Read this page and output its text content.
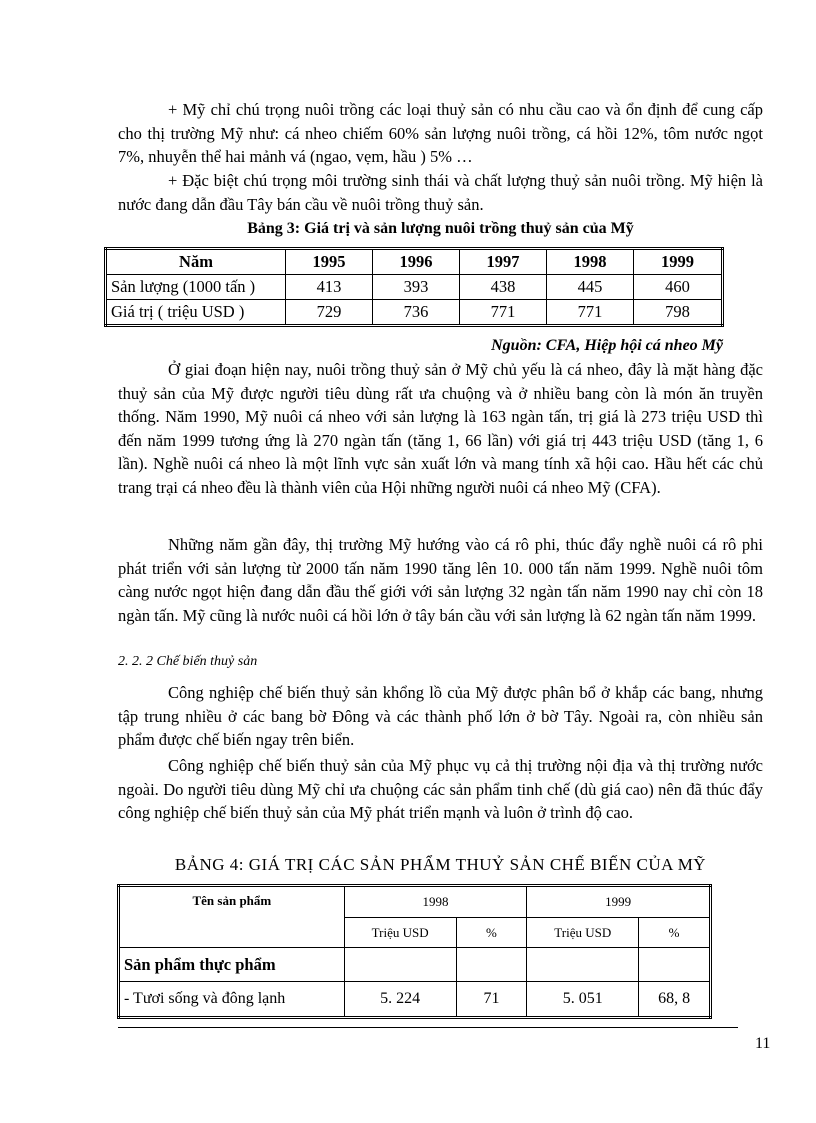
+ Mỹ chỉ chú trọng nuôi trồng các loại thuỷ sản có nhu cầu cao và ổn định để cung cấp cho thị trường Mỹ như: cá nheo chiếm 60% sản lượng nuôi trồng, cá hồi 12%, tôm nước ngọt 7%, nhuyễn thể hai mảnh vá (ngao, vẹm, hầu ) 5% …

+ Đặc biệt chú trọng môi trường sinh thái và chất lượng thuỷ sản nuôi trồng. Mỹ hiện là nước đang dẫn đầu Tây bán cầu về nuôi trồng thuỷ sản.

Bảng 3: Giá trị và sản lượng nuôi trồng thuỷ sản của Mỹ

Năm	1995	1996	1997	1998	1999
Sản lượng (1000 tấn )	413	393	438	445	460
Giá trị ( triệu USD )	729	736	771	771	798

Nguồn: CFA, Hiệp hội cá nheo Mỹ

Ở giai đoạn hiện nay, nuôi trồng thuỷ sản ở Mỹ chủ yếu là cá nheo, đây là mặt hàng đặc thuỷ sản của Mỹ được người tiêu dùng rất ưa chuộng và ở nhiều bang còn là món ăn truyền thống. Năm 1990, Mỹ nuôi cá nheo với sản lượng là 163 ngàn tấn, trị giá là 273 triệu USD thì đến năm 1999 tương ứng là 270 ngàn tấn (tăng 1, 66 lần) với giá trị 443 triệu USD (tăng 1, 6 lần). Nghề nuôi cá nheo là một lĩnh vực sản xuất lớn và mang tính xã hội cao. Hầu hết các chủ trang trại cá nheo đều là thành viên của Hội những người nuôi cá nheo Mỹ (CFA).

Những năm gần đây, thị trường Mỹ hướng vào cá rô phi, thúc đẩy nghề nuôi cá rô phi phát triển với sản lượng từ 2000 tấn năm 1990 tăng lên 10. 000 tấn năm 1999. Nghề nuôi tôm càng nước ngọt hiện đang dẫn đầu thế giới với sản lượng 32 ngàn tấn năm 1990 nay chỉ còn 18 ngàn tấn. Mỹ cũng là nước nuôi cá hồi lớn ở tây bán cầu với sản lượng là 62 ngàn tấn năm 1999.

2. 2. 2 Chế biến thuỷ sản

Công nghiệp chế biến thuỷ sản khổng lồ của Mỹ được phân bổ ở khắp các bang, nhưng tập trung nhiều ở các bang bờ Đông và các thành phố lớn ở bờ Tây. Ngoài ra, còn nhiều sản phẩm được chế biến ngay trên biển.

Công nghiệp chế biến thuỷ sản của Mỹ phục vụ cả thị trường nội địa và thị trường nước ngoài. Do người tiêu dùng Mỹ chỉ ưa chuộng các sản phẩm tinh chế (dù giá cao) nên đã thúc đẩy công nghiệp chế biến thuỷ sản của Mỹ phát triển mạnh và luôn ở trình độ cao.

BẢNG 4: GIÁ TRỊ CÁC SẢN PHẨM THUỶ SẢN CHẾ BIẾN CỦA MỸ

Tên sản phẩm	1998		1999	
	Triệu USD	%	Triệu USD	%
Sản phẩm thực phẩm				
- Tươi sống và đông lạnh	5. 224	71	5. 051	68, 8

11
